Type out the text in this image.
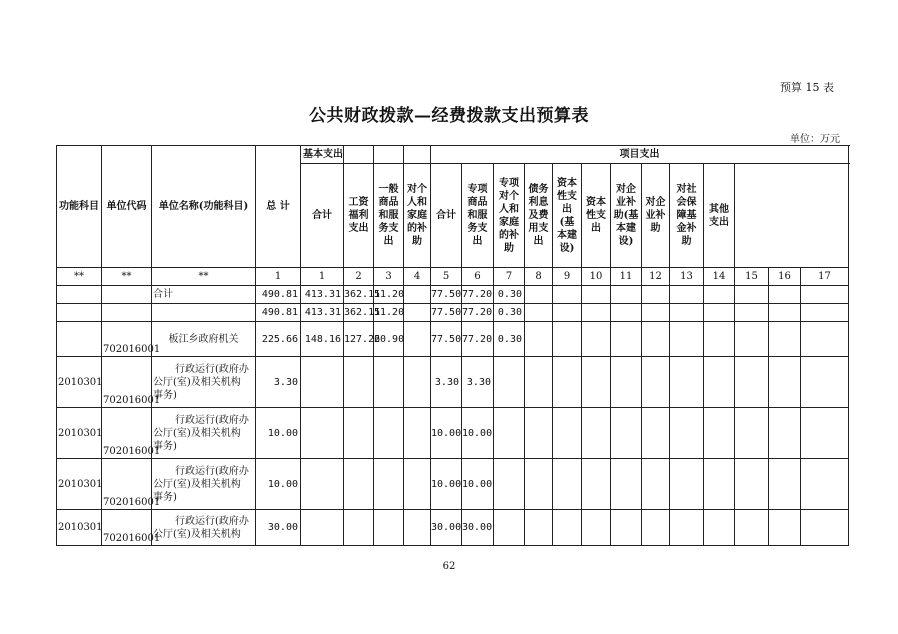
预算 15 表
公共财政拨款—经费拨款支出预算表
单位：万元
功能科目	单位代码	单位名称(功能科目)	总 计	基本支出				项目支出			
				合计	工资福利支出	一般商品和服务支出	对个人和家庭的补助	合计	专项商品和服务支出	专项对个人和家庭的补助	债务利息及费用支出	资本性支出(基本建设)	资本性支出	对企业补助(基本建设)	对企业补助	对社会保障基金补助	其他支出				
**	**	**	1	1	2	3	4	5	6	7	8	9	10	11	12	13	14	15	16	17	
		合计	490.81	413.31	362.11	51.20		77.50	77.20	0.30											
			490.81	413.31	362.11	51.20		77.50	77.20	0.30											
	702016001	板江乡政府机关	225.66	148.16	127.26	20.90		77.50	77.20	0.30											
2010301	702016001	行政运行(政府办
公厅(室)及相关机构
事务)	3.30					3.30	3.30												
2010301	702016001	行政运行(政府办
公厅(室)及相关机构
事务)	10.00					10.00	10.00												
2010301	702016001	行政运行(政府办
公厅(室)及相关机构
事务)	10.00					10.00	10.00												
2010301	702016001	行政运行(政府办
公厅(室)及相关机构	30.00					30.00	30.00												
62
